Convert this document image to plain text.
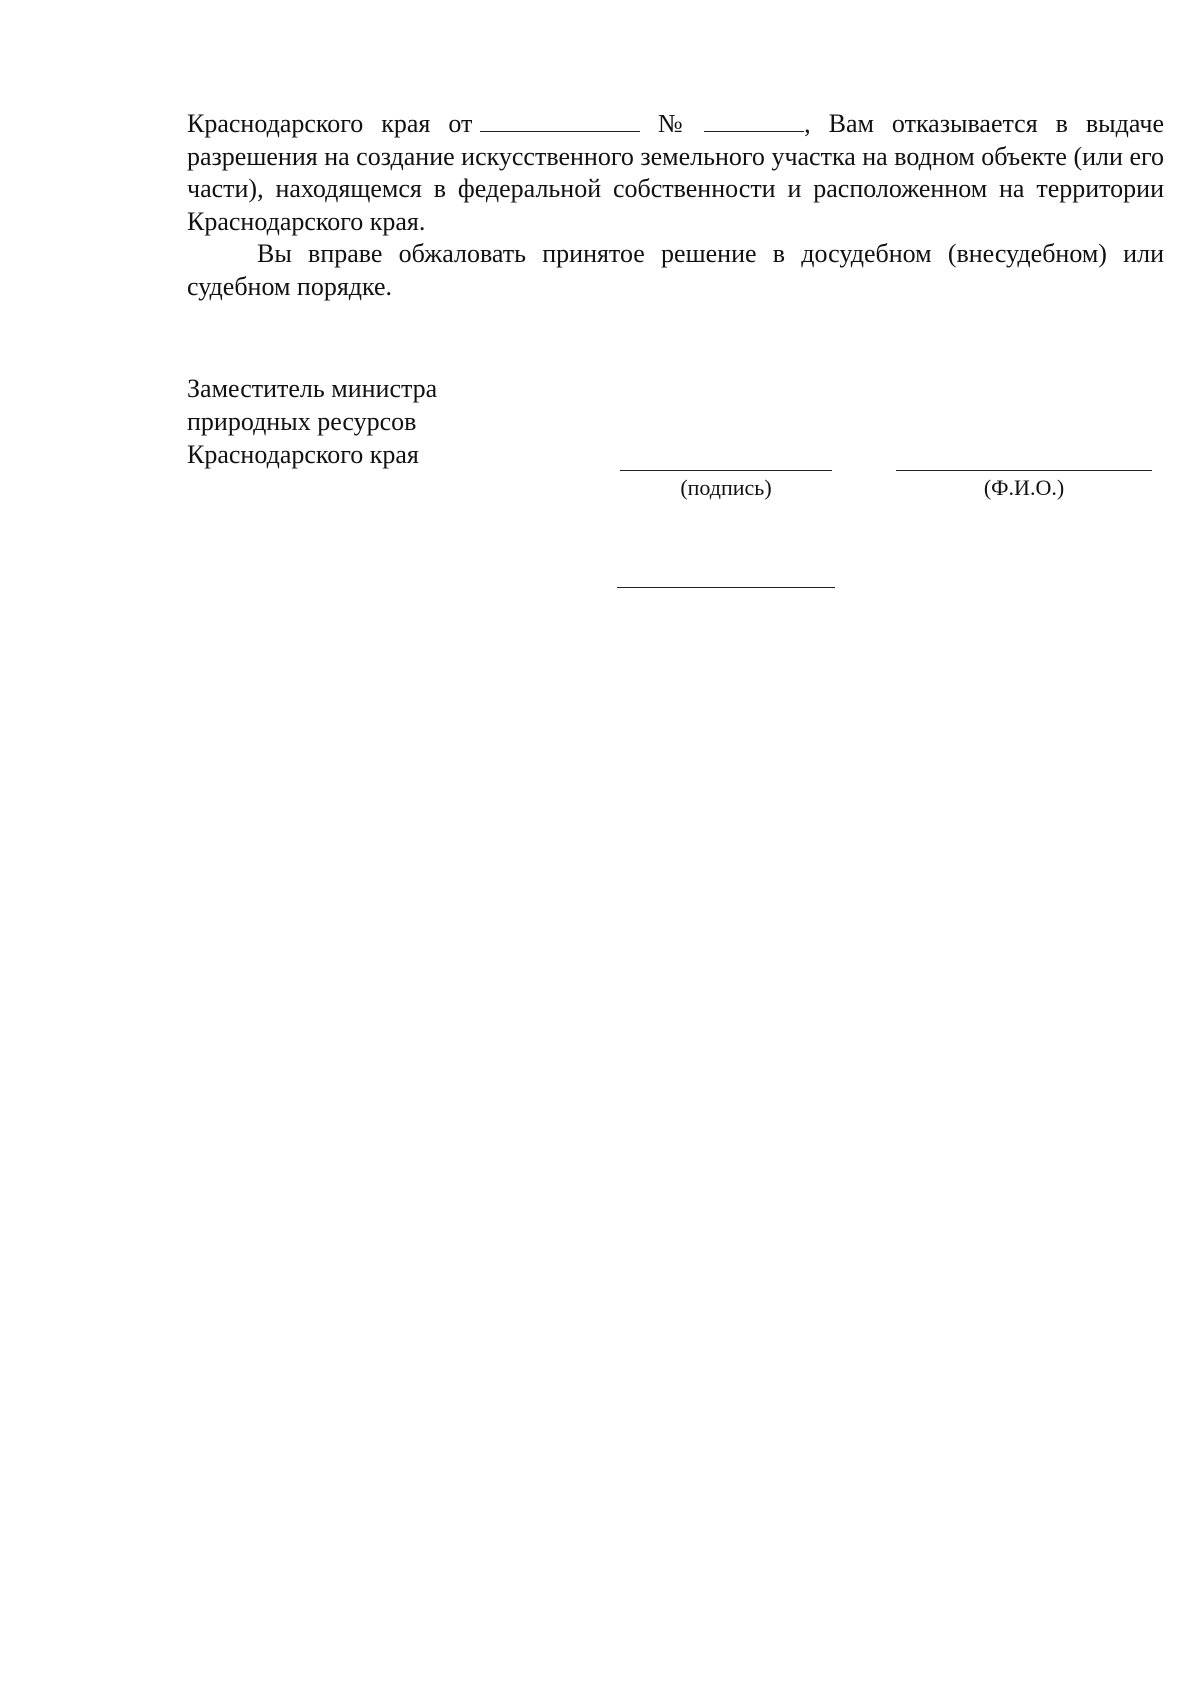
Краснодарского края от	№	, Вам отказывается в выдаче разрешения на создание искусственного земельного участка на водном объекте (или его части), находящемся в федеральной собственности и расположенном на территории Краснодарского края.

Вы вправе обжаловать принятое решение в досудебном (внесудебном) или судебном порядке.

Заместитель министра
природных ресурсов
Краснодарского края
(подпись)	(Ф.И.О.)
